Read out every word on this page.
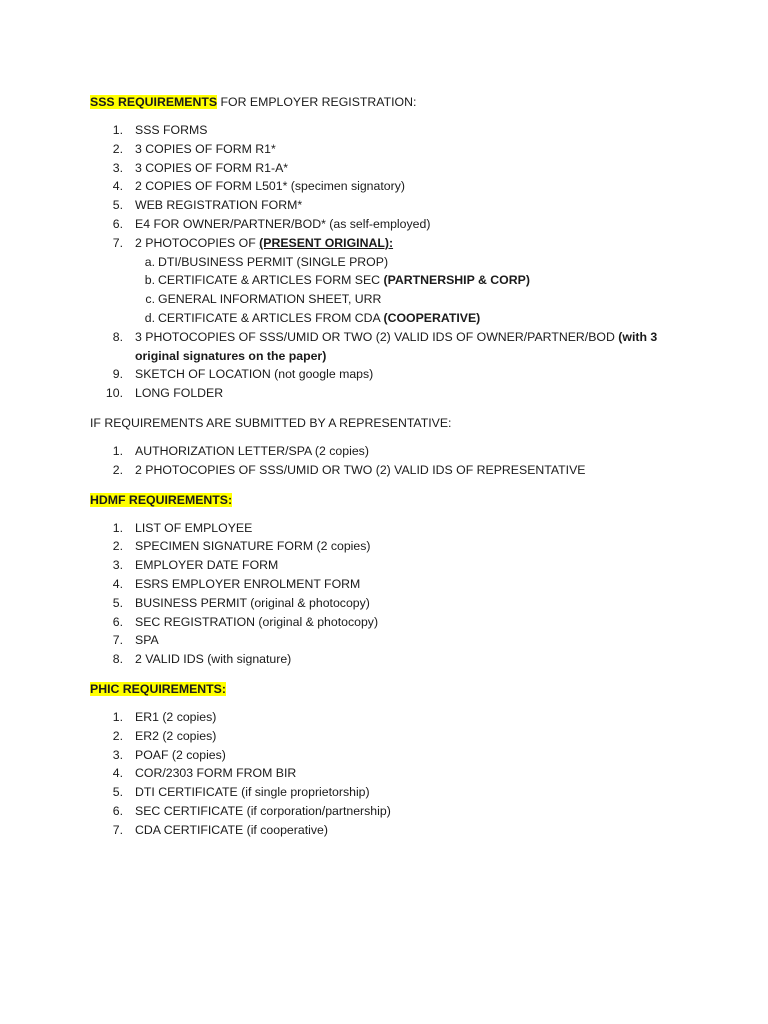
SSS REQUIREMENTS FOR EMPLOYER REGISTRATION:

1. SSS FORMS
2. 3 COPIES OF FORM R1*
3. 3 COPIES OF FORM R1-A*
4. 2 COPIES OF FORM L501* (specimen signatory)
5. WEB REGISTRATION FORM*
6. E4 FOR OWNER/PARTNER/BOD* (as self-employed)
7. 2 PHOTOCOPIES OF (PRESENT ORIGINAL):
a. DTI/BUSINESS PERMIT (SINGLE PROP)
b. CERTIFICATE & ARTICLES FORM SEC (PARTNERSHIP & CORP)
c. GENERAL INFORMATION SHEET, URR
d. CERTIFICATE & ARTICLES FROM CDA (COOPERATIVE)
8. 3 PHOTOCOPIES OF SSS/UMID OR TWO (2) VALID IDS OF OWNER/PARTNER/BOD (with 3 original signatures on the paper)
9. SKETCH OF LOCATION (not google maps)
10. LONG FOLDER

IF REQUIREMENTS ARE SUBMITTED BY A REPRESENTATIVE:

1. AUTHORIZATION LETTER/SPA (2 copies)
2. 2 PHOTOCOPIES OF SSS/UMID OR TWO (2) VALID IDS OF REPRESENTATIVE

HDMF REQUIREMENTS:

1. LIST OF EMPLOYEE
2. SPECIMEN SIGNATURE FORM (2 copies)
3. EMPLOYER DATE FORM
4. ESRS EMPLOYER ENROLMENT FORM
5. BUSINESS PERMIT (original & photocopy)
6. SEC REGISTRATION (original & photocopy)
7. SPA
8. 2 VALID IDS (with signature)

PHIC REQUIREMENTS:

1. ER1 (2 copies)
2. ER2 (2 copies)
3. POAF (2 copies)
4. COR/2303 FORM FROM BIR
5. DTI CERTIFICATE (if single proprietorship)
6. SEC CERTIFICATE (if corporation/partnership)
7. CDA CERTIFICATE (if cooperative)
